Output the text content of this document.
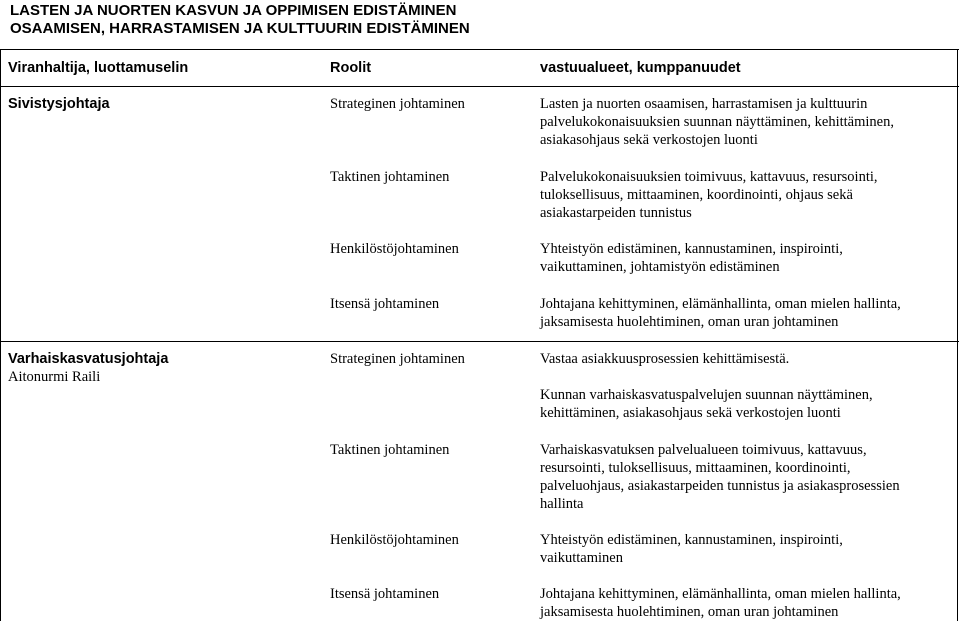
LASTEN JA NUORTEN KASVUN JA OPPIMISEN EDISTÄMINEN
OSAAMISEN, HARRASTAMISEN JA KULTTUURIN EDISTÄMINEN
Viranhaltija, luottamuselin	Roolit	vastuualueet, kumppanuudet
Sivistysjohtaja	Strateginen johtaminen	Lasten ja nuorten osaamisen, harrastamisen ja kulttuurin
palvelukokonaisuuksien suunnan näyttäminen, kehittäminen,
asiakasohjaus sekä verkostojen luonti
Taktinen johtaminen	Palvelukokonaisuuksien toimivuus, kattavuus, resursointi,
tuloksellisuus, mittaaminen, koordinointi, ohjaus sekä
asiakastarpeiden tunnistus
Henkilöstöjohtaminen	Yhteistyön edistäminen, kannustaminen, inspirointi,
vaikuttaminen, johtamistyön edistäminen
Itsensä johtaminen	Johtajana kehittyminen, elämänhallinta, oman mielen hallinta,
jaksamisesta huolehtiminen, oman uran johtaminen
Varhaiskasvatusjohtaja
Aitonurmi Raili
Strateginen johtaminen	Vastaa asiakkuusprosessien kehittämisestä.
Kunnan varhaiskasvatuspalvelujen suunnan näyttäminen,
kehittäminen, asiakasohjaus sekä verkostojen luonti
Taktinen johtaminen	Varhaiskasvatuksen palvelualueen toimivuus, kattavuus,
resursointi, tuloksellisuus, mittaaminen, koordinointi,
palveluohjaus, asiakastarpeiden tunnistus ja asiakasprosessien
hallinta
Henkilöstöjohtaminen	Yhteistyön edistäminen, kannustaminen, inspirointi,
vaikuttaminen
Itsensä johtaminen	Johtajana kehittyminen, elämänhallinta, oman mielen hallinta,
jaksamisesta huolehtiminen, oman uran johtaminen
